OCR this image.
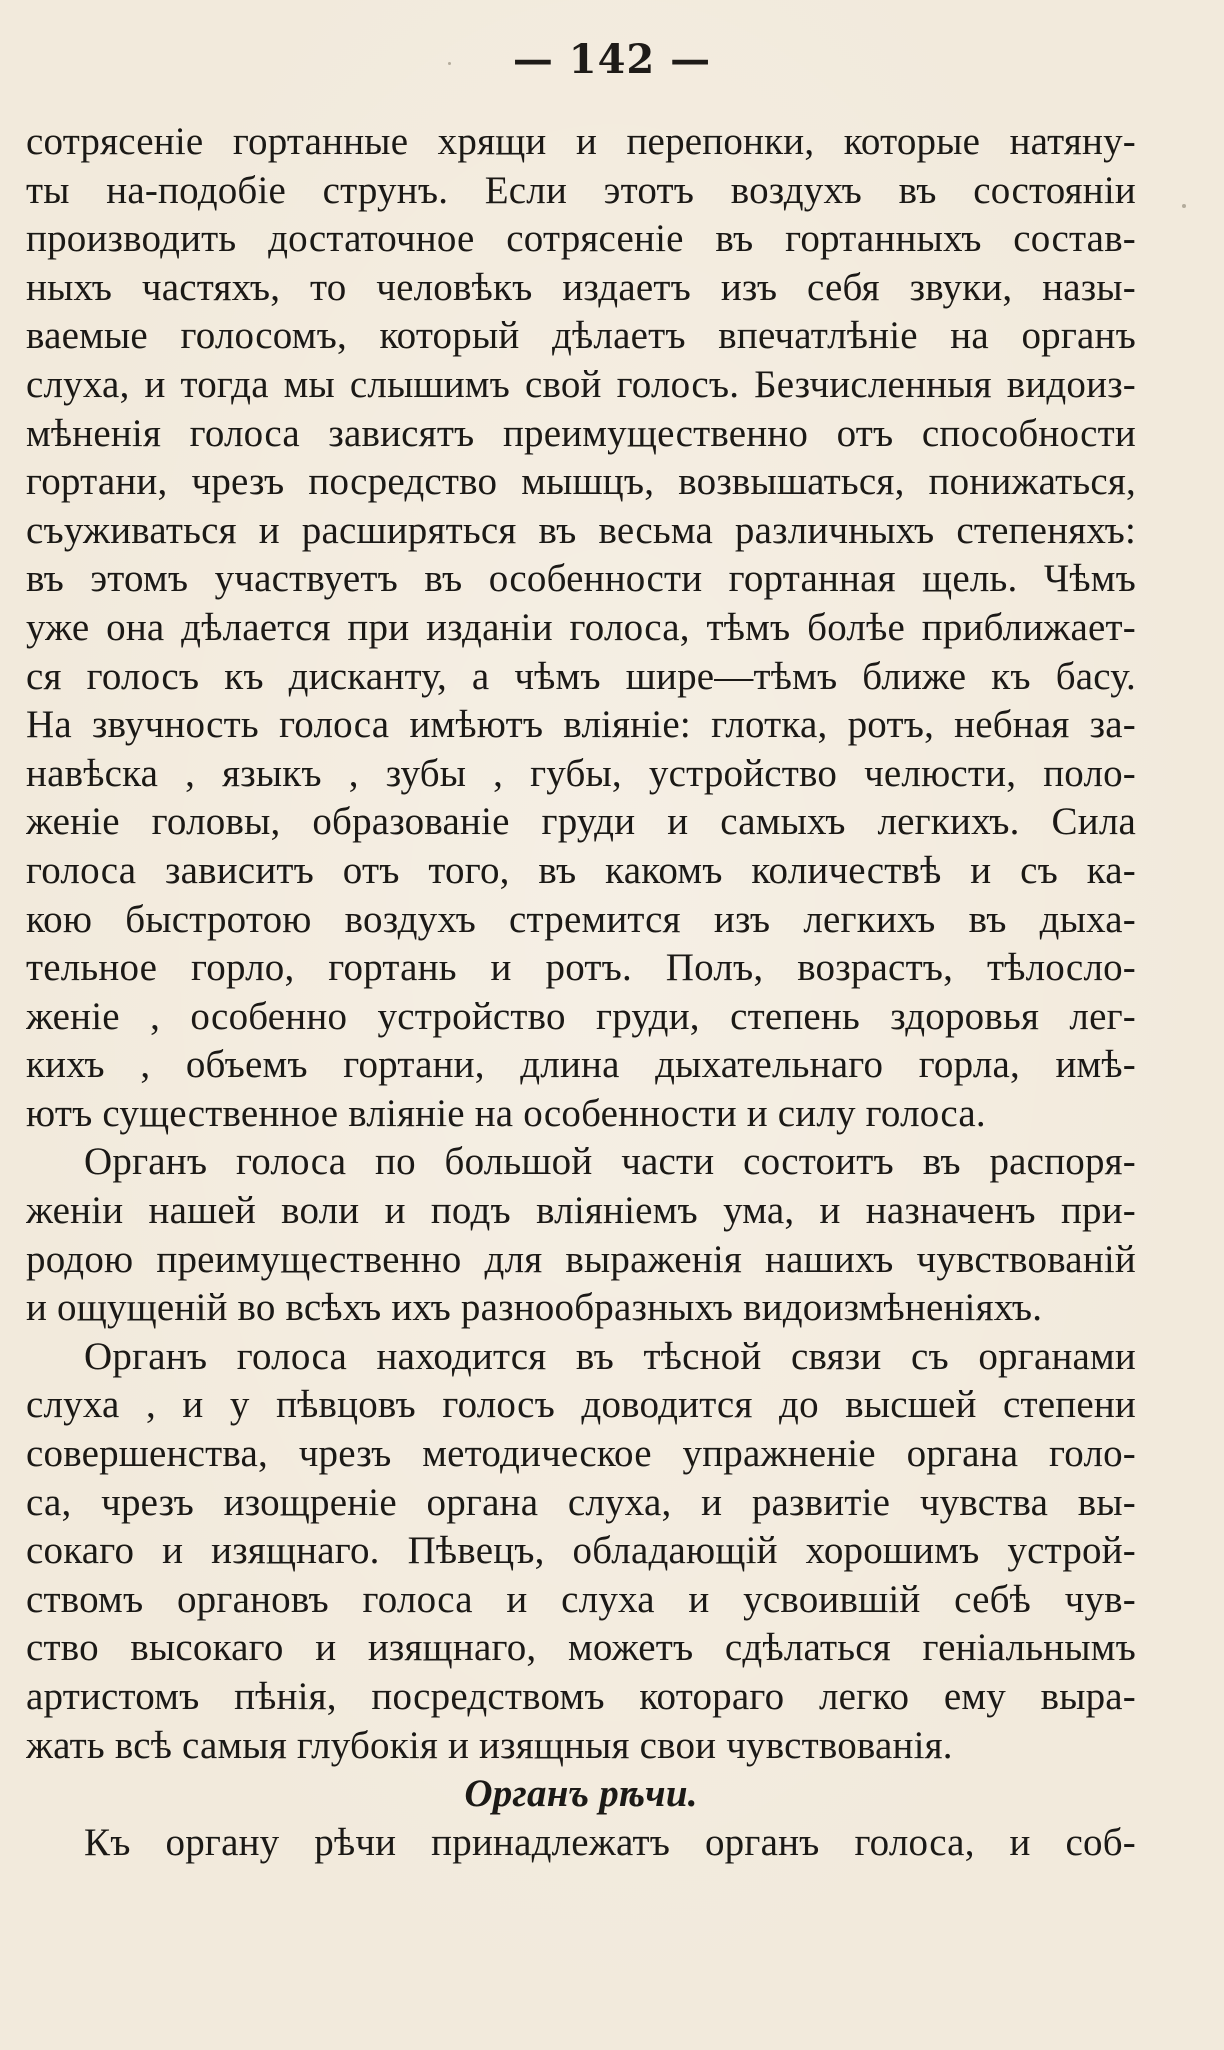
— 142 —
сотрясеніе гортанные хрящи и перепонки, которые натяну-
ты на-подобіе струнъ. Если этотъ воздухъ въ состояніи
производить достаточное сотрясеніе въ гортанныхъ состав-
ныхъ частяхъ, то человѣкъ издаетъ изъ себя звуки, назы-
ваемые голосомъ, который дѣлаетъ впечатлѣніе на органъ
слуха, и тогда мы слышимъ свой голосъ. Безчисленныя видоиз-
мѣненія голоса зависятъ преимущественно отъ способности
гортани, чрезъ посредство мышцъ, возвышаться, понижаться,
съуживаться и расширяться въ весьма различныхъ степеняхъ:
въ этомъ участвуетъ въ особенности гортанная щель. Чѣмъ
уже она дѣлается при изданіи голоса, тѣмъ болѣе приближает-
ся голосъ къ дисканту, а чѣмъ шире—тѣмъ ближе къ басу.
На звучность голоса имѣютъ вліяніе: глотка, ротъ, небная за-
навѣска , языкъ , зубы , губы, устройство челюсти, поло-
женіе головы, образованіе груди и самыхъ легкихъ. Сила
голоса зависитъ отъ того, въ какомъ количествѣ и съ ка-
кою быстротою воздухъ стремится изъ легкихъ въ дыха-
тельное горло, гортань и ротъ. Полъ, возрастъ, тѣлосло-
женіе , особенно устройство груди, степень здоровья лег-
кихъ , объемъ гортани, длина дыхательнаго горла, имѣ-
ютъ существенное вліяніе на особенности и силу голоса.
Органъ голоса по большой части состоитъ въ распоря-
женіи нашей воли и подъ вліяніемъ ума, и назначенъ при-
родою преимущественно для выраженія нашихъ чувствованій
и ощущеній во всѣхъ ихъ разнообразныхъ видоизмѣненіяхъ.
Органъ голоса находится въ тѣсной связи съ органами
слуха , и у пѣвцовъ голосъ доводится до высшей степени
совершенства, чрезъ методическое упражненіе органа голо-
са, чрезъ изощреніе органа слуха, и развитіе чувства вы-
сокаго и изящнаго. Пѣвецъ, обладающій хорошимъ устрой-
ствомъ органовъ голоса и слуха и усвоившій себѣ чув-
ство высокаго и изящнаго, можетъ сдѣлаться геніальнымъ
артистомъ пѣнія, посредствомъ котораго легко ему выра-
жать всѣ самыя глубокія и изящныя свои чувствованія.
Органъ рѣчи.
Къ органу рѣчи принадлежатъ органъ голоса, и соб-
